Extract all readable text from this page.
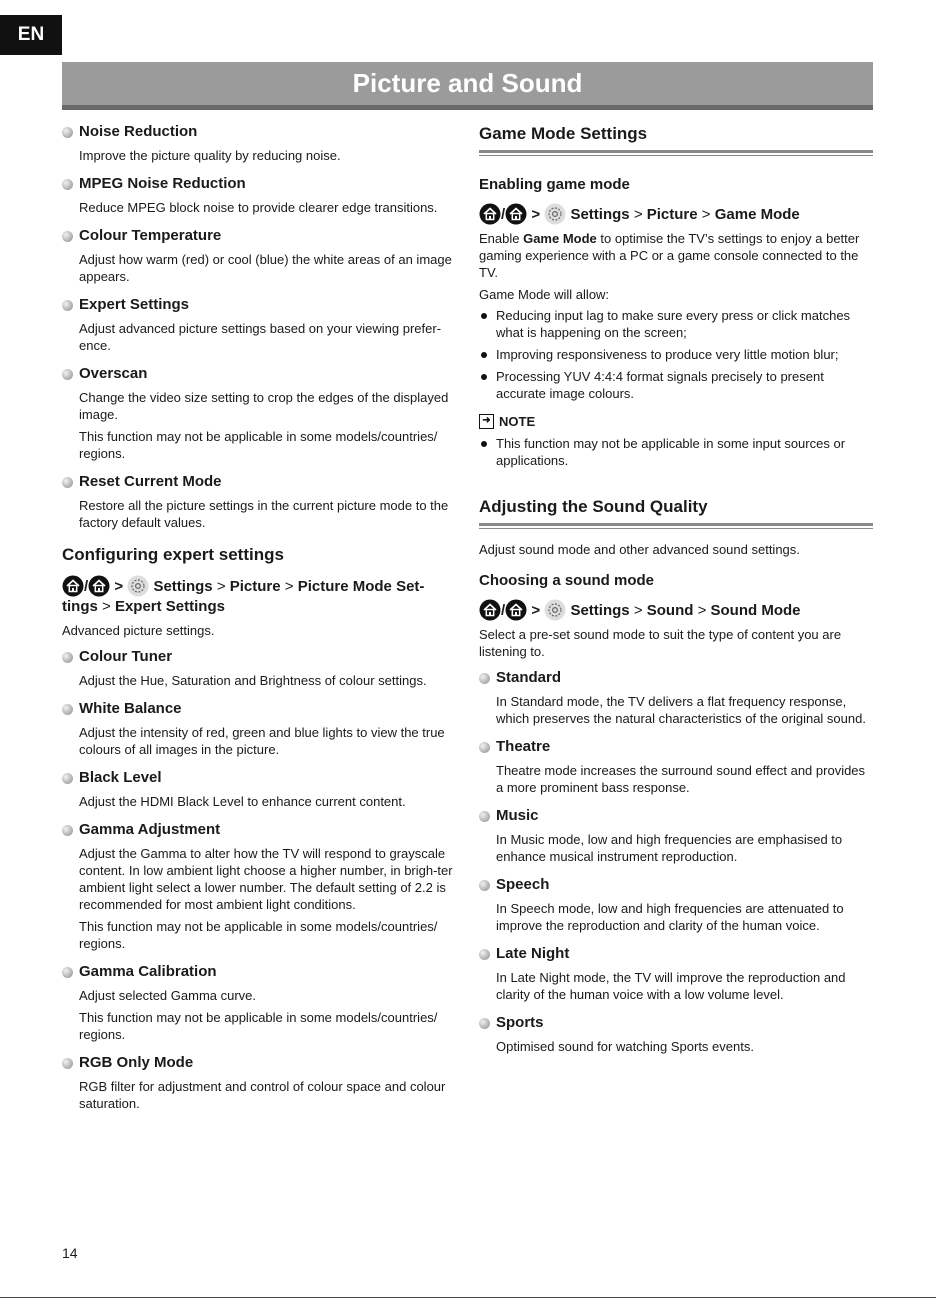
EN
Picture and Sound
Noise Reduction

Improve the picture quality by reducing noise.

MPEG Noise Reduction

Reduce MPEG block noise to provide clearer edge transitions.

Colour Temperature

Adjust how warm (red) or cool (blue) the white areas of an image appears.

Expert Settings

Adjust advanced picture settings based on your viewing prefer-ence.

Overscan

Change the video size setting to crop the edges of the displayed image.

This function may not be applicable in some models/countries/ regions.

Reset Current Mode

Restore all the picture settings in the current picture mode to the factory default values.

Configuring expert settings
/ > Settings > Picture > Picture Mode Set-tings > Expert Settings
Advanced picture settings.
Colour Tuner

Adjust the Hue, Saturation and Brightness of colour settings.

White Balance

Adjust the intensity of red, green and blue lights to view the true colours of all images in the picture.

Black Level

Adjust the HDMI Black Level to enhance current content.

Gamma Adjustment

Adjust the Gamma to alter how the TV will respond to grayscale content. In low ambient light choose a higher number, in brigh-ter ambient light select a lower number. The default setting of 2.2 is recommended for most ambient light conditions.

This function may not be applicable in some models/countries/ regions.

Gamma Calibration

Adjust selected Gamma curve.

This function may not be applicable in some models/countries/ regions.

RGB Only Mode

RGB filter for adjustment and control of colour space and colour saturation.

Game Mode Settings
Enabling game mode
/ > Settings > Picture > Game Mode
Enable Game Mode to optimise the TV’s settings to enjoy a better gaming experience with a PC or a game console connected to the TV.
Game Mode will allow:
Reducing input lag to make sure every press or click matches what is happening on the screen;
Improving responsiveness to produce very little motion blur;
Processing YUV 4:4:4 format signals precisely to present accurate image colours.
➜ NOTE
This function may not be applicable in some input sources or applications.
Adjusting the Sound Quality
Adjust sound mode and other advanced sound settings.
Choosing a sound mode
/ > Settings > Sound > Sound Mode
Select a pre-set sound mode to suit the type of content you are listening to.
Standard

In Standard mode, the TV delivers a flat frequency response, which preserves the natural characteristics of the original sound.

Theatre

Theatre mode increases the surround sound effect and provides a more prominent bass response.

Music

In Music mode, low and high frequencies are emphasised to enhance musical instrument reproduction.

Speech

In Speech mode, low and high frequencies are attenuated to improve the reproduction and clarity of the human voice.

Late Night

In Late Night mode, the TV will improve the reproduction and clarity of the human voice with a low volume level.

Sports

Optimised sound for watching Sports events.

14
